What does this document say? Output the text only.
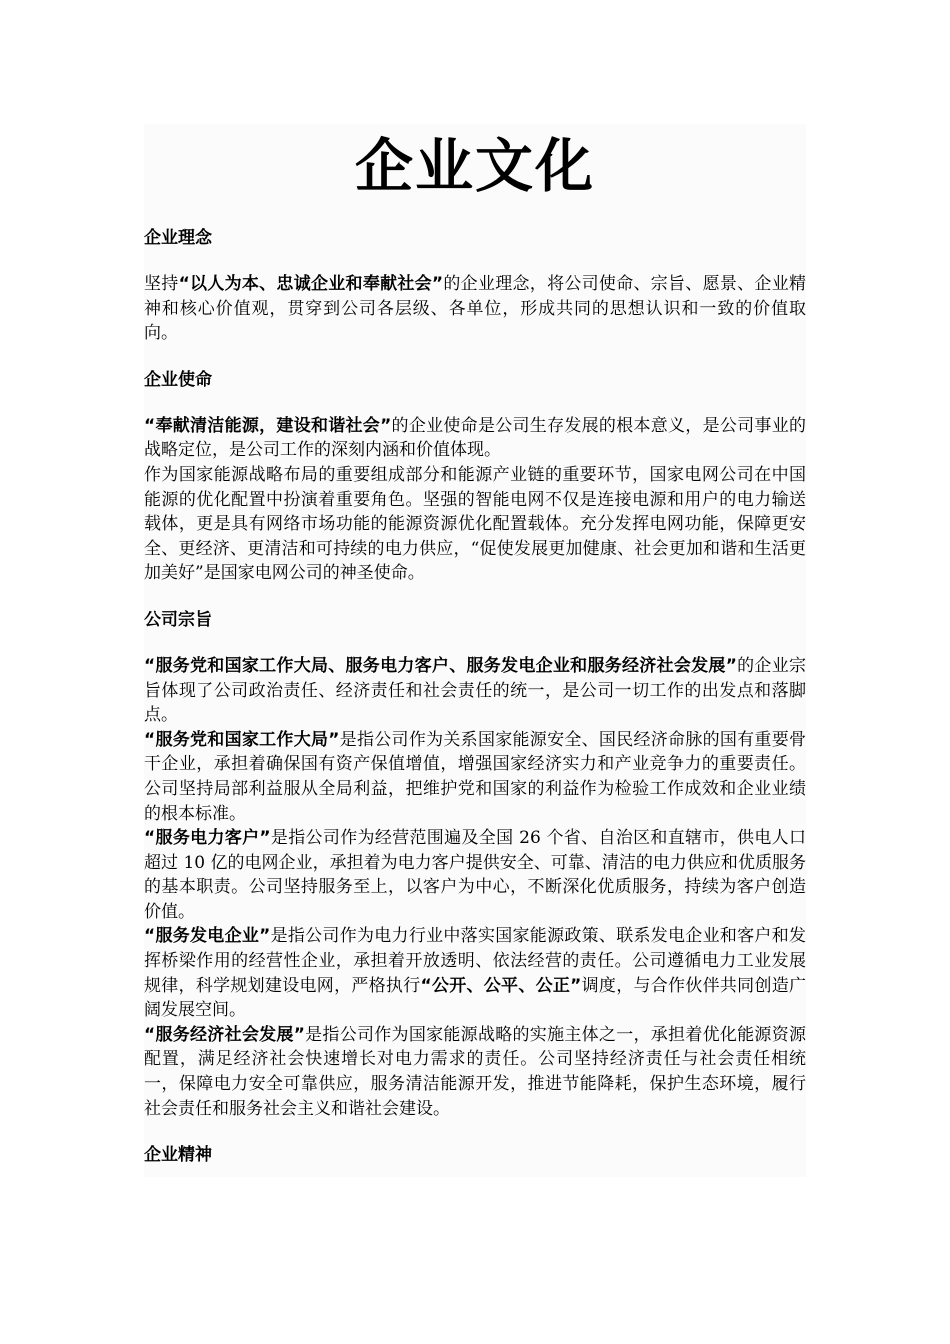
企业文化
企业理念

坚持“以人为本、忠诚企业和奉献社会”的企业理念，将公司使命、宗旨、愿景、企业精神和核心价值观，贯穿到公司各层级、各单位，形成共同的思想认识和一致的价值取向。

企业使命

“奉献清洁能源，建设和谐社会”的企业使命是公司生存发展的根本意义，是公司事业的战略定位，是公司工作的深刻内涵和价值体现。

作为国家能源战略布局的重要组成部分和能源产业链的重要环节，国家电网公司在中国能源的优化配置中扮演着重要角色。坚强的智能电网不仅是连接电源和用户的电力输送载体，更是具有网络市场功能的能源资源优化配置载体。充分发挥电网功能，保障更安全、更经济、更清洁和可持续的电力供应，“促使发展更加健康、社会更加和谐和生活更加美好”是国家电网公司的神圣使命。

公司宗旨

“服务党和国家工作大局、服务电力客户、服务发电企业和服务经济社会发展”的企业宗旨体现了公司政治责任、经济责任和社会责任的统一，是公司一切工作的出发点和落脚点。

“服务党和国家工作大局”是指公司作为关系国家能源安全、国民经济命脉的国有重要骨干企业，承担着确保国有资产保值增值，增强国家经济实力和产业竞争力的重要责任。公司坚持局部利益服从全局利益，把维护党和国家的利益作为检验工作成效和企业业绩的根本标准。

“服务电力客户”是指公司作为经营范围遍及全国 26 个省、自治区和直辖市，供电人口超过 10 亿的电网企业，承担着为电力客户提供安全、可靠、清洁的电力供应和优质服务的基本职责。公司坚持服务至上，以客户为中心，不断深化优质服务，持续为客户创造价值。

“服务发电企业”是指公司作为电力行业中落实国家能源政策、联系发电企业和客户和发挥桥梁作用的经营性企业，承担着开放透明、依法经营的责任。公司遵循电力工业发展规律，科学规划建设电网，严格执行“公开、公平、公正”调度，与合作伙伴共同创造广阔发展空间。

“服务经济社会发展”是指公司作为国家能源战略的实施主体之一，承担着优化能源资源配置，满足经济社会快速增长对电力需求的责任。公司坚持经济责任与社会责任相统一，保障电力安全可靠供应，服务清洁能源开发，推进节能降耗，保护生态环境，履行社会责任和服务社会主义和谐社会建设。

企业精神
